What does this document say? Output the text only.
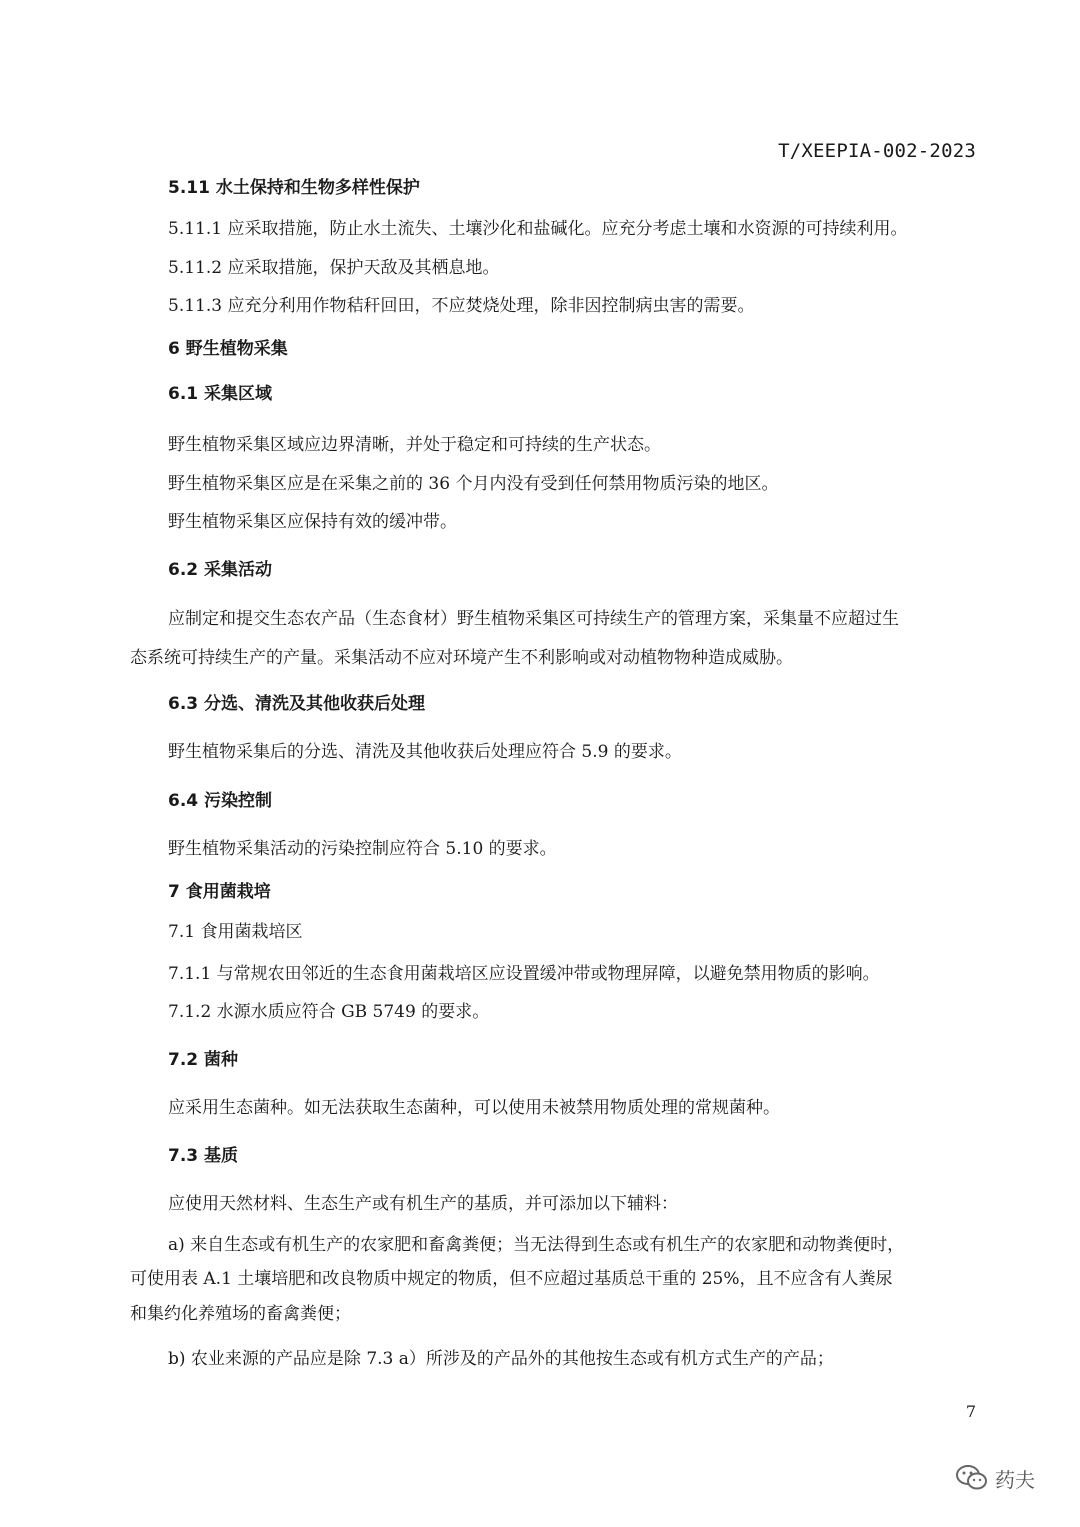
T/XEEPIA-002-2023
5.11 水土保持和生物多样性保护
5.11.1 应采取措施，防止水土流失、土壤沙化和盐碱化。应充分考虑土壤和水资源的可持续利用。
5.11.2 应采取措施，保护天敌及其栖息地。
5.11.3 应充分利用作物秸秆回田，不应焚烧处理，除非因控制病虫害的需要。
6 野生植物采集
6.1 采集区域
野生植物采集区域应边界清晰，并处于稳定和可持续的生产状态。
野生植物采集区应是在采集之前的 36 个月内没有受到任何禁用物质污染的地区。
野生植物采集区应保持有效的缓冲带。
6.2 采集活动
应制定和提交生态农产品（生态食材）野生植物采集区可持续生产的管理方案，采集量不应超过生
态系统可持续生产的产量。采集活动不应对环境产生不利影响或对动植物物种造成威胁。
6.3 分选、清洗及其他收获后处理
野生植物采集后的分选、清洗及其他收获后处理应符合 5.9 的要求。
6.4 污染控制
野生植物采集活动的污染控制应符合 5.10 的要求。
7 食用菌栽培
7.1 食用菌栽培区
7.1.1 与常规农田邻近的生态食用菌栽培区应设置缓冲带或物理屏障，以避免禁用物质的影响。
7.1.2 水源水质应符合 GB 5749 的要求。
7.2 菌种
应采用生态菌种。如无法获取生态菌种，可以使用未被禁用物质处理的常规菌种。
7.3 基质
应使用天然材料、生态生产或有机生产的基质，并可添加以下辅料：
a) 来自生态或有机生产的农家肥和畜禽粪便；当无法得到生态或有机生产的农家肥和动物粪便时，
可使用表 A.1 土壤培肥和改良物质中规定的物质，但不应超过基质总干重的 25%，且不应含有人粪尿
和集约化养殖场的畜禽粪便；
b) 农业来源的产品应是除 7.3 a）所涉及的产品外的其他按生态或有机方式生产的产品；
7
药夫
